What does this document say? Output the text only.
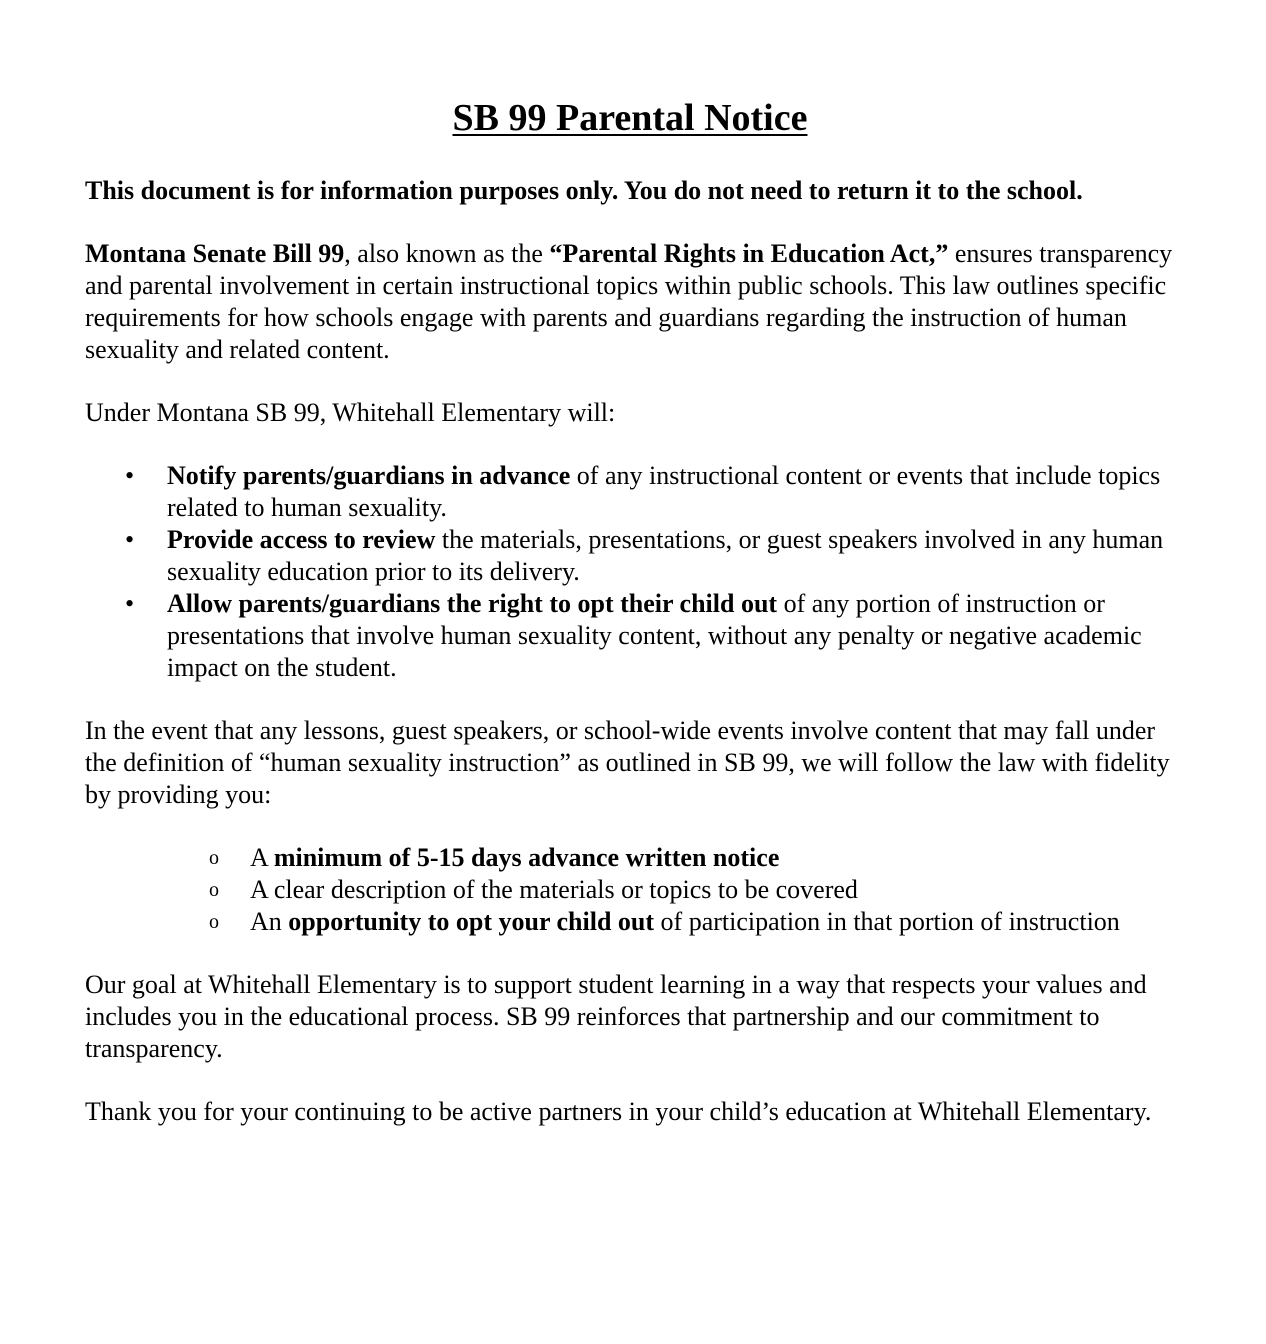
SB 99 Parental Notice

This document is for information purposes only. You do not need to return it to the school.

Montana Senate Bill 99, also known as the “Parental Rights in Education Act,” ensures transparency and parental involvement in certain instructional topics within public schools. This law outlines specific requirements for how schools engage with parents and guardians regarding the instruction of human sexuality and related content.

Under Montana SB 99, Whitehall Elementary will:

• Notify parents/guardians in advance of any instructional content or events that include topics related to human sexuality.
• Provide access to review the materials, presentations, or guest speakers involved in any human sexuality education prior to its delivery.
• Allow parents/guardians the right to opt their child out of any portion of instruction or presentations that involve human sexuality content, without any penalty or negative academic impact on the student.

In the event that any lessons, guest speakers, or school-wide events involve content that may fall under the definition of “human sexuality instruction” as outlined in SB 99, we will follow the law with fidelity by providing you:

o A minimum of 5-15 days advance written notice
o A clear description of the materials or topics to be covered
o An opportunity to opt your child out of participation in that portion of instruction

Our goal at Whitehall Elementary is to support student learning in a way that respects your values and includes you in the educational process. SB 99 reinforces that partnership and our commitment to transparency.

Thank you for your continuing to be active partners in your child’s education at Whitehall Elementary.
